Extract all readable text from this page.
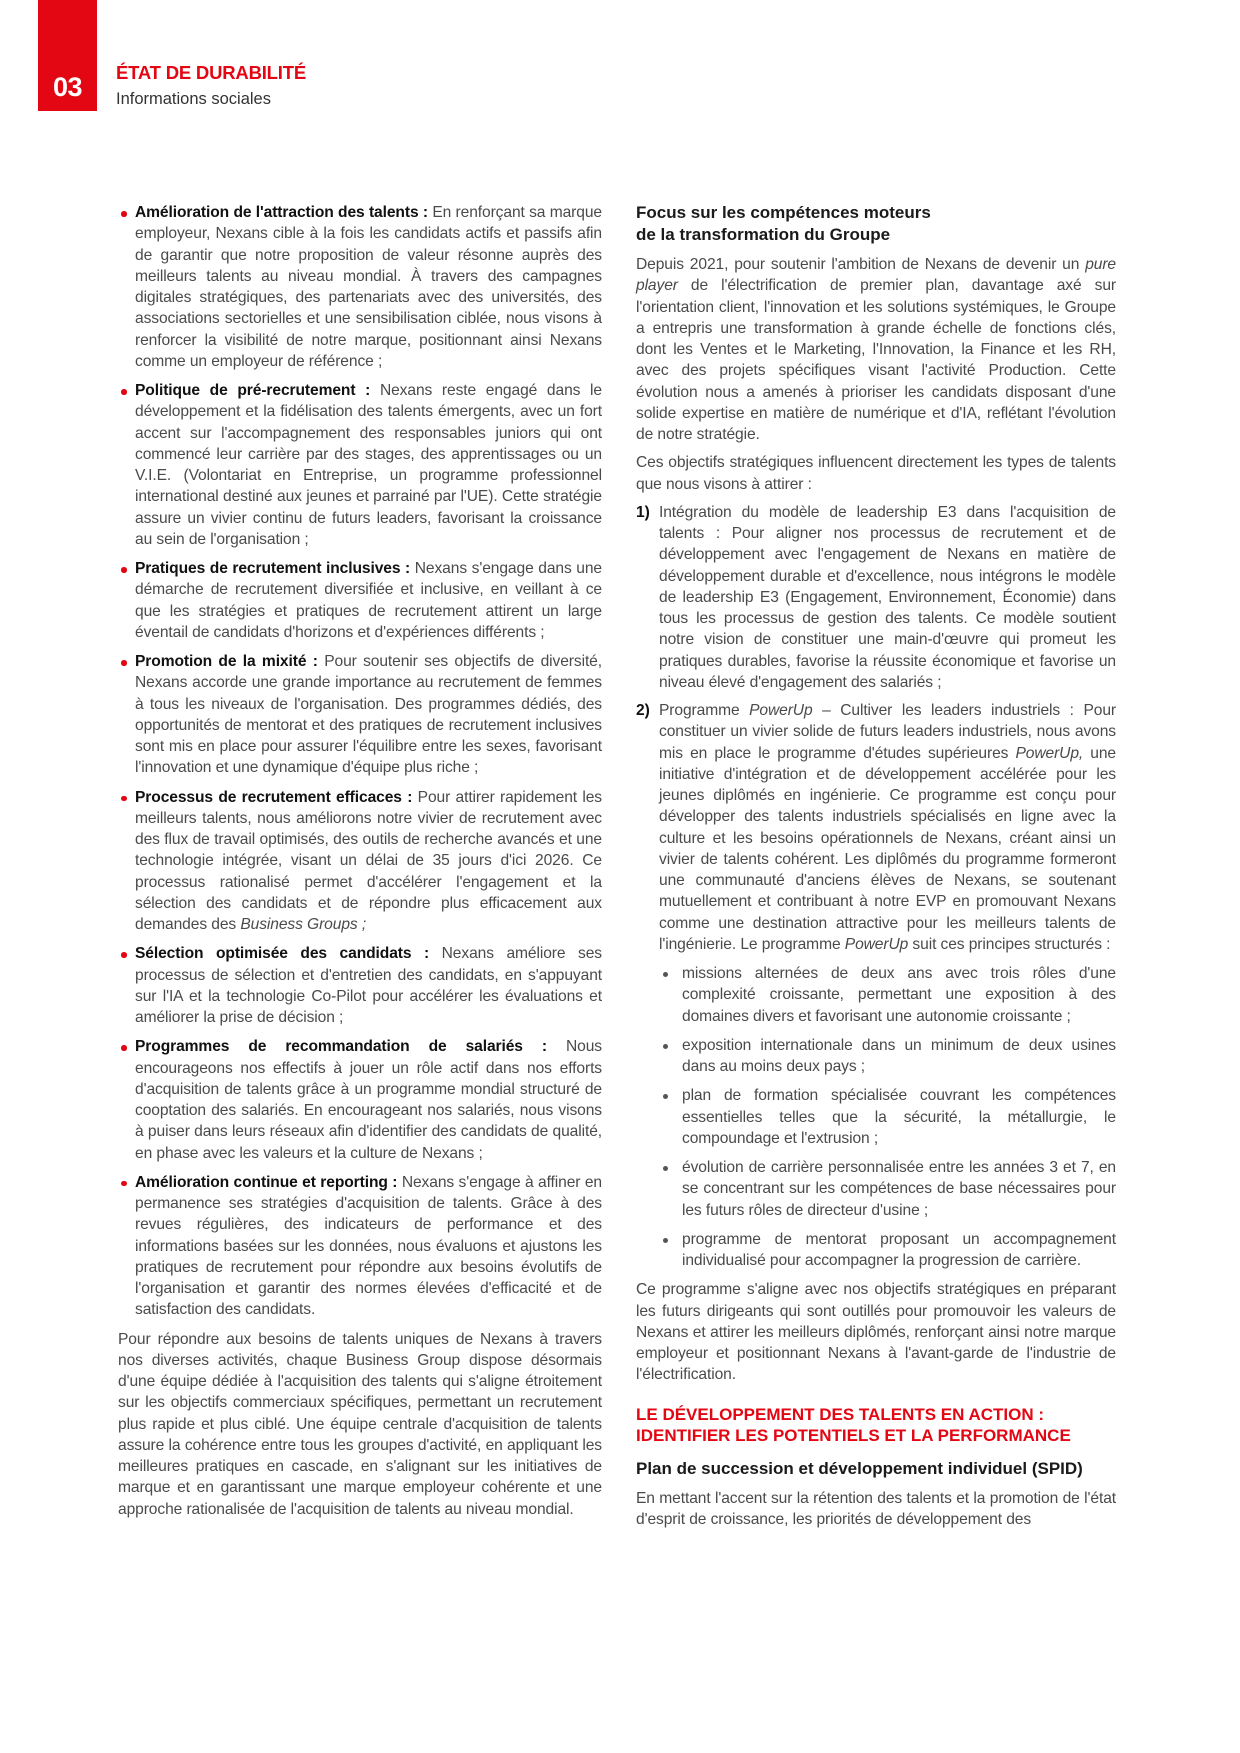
03	ÉTAT DE DURABILITÉ
Informations sociales
Amélioration de l'attraction des talents : En renforçant sa marque employeur, Nexans cible à la fois les candidats actifs et passifs afin de garantir que notre proposition de valeur résonne auprès des meilleurs talents au niveau mondial. À travers des campagnes digitales stratégiques, des partenariats avec des universités, des associations sectorielles et une sensibilisation ciblée, nous visons à renforcer la visibilité de notre marque, positionnant ainsi Nexans comme un employeur de référence ;
Politique de pré-recrutement : Nexans reste engagé dans le développement et la fidélisation des talents émergents, avec un fort accent sur l'accompagnement des responsables juniors qui ont commencé leur carrière par des stages, des apprentissages ou un V.I.E. (Volontariat en Entreprise, un programme professionnel international destiné aux jeunes et parrainé par l'UE). Cette stratégie assure un vivier continu de futurs leaders, favorisant la croissance au sein de l'organisation ;
Pratiques de recrutement inclusives : Nexans s'engage dans une démarche de recrutement diversifiée et inclusive, en veillant à ce que les stratégies et pratiques de recrutement attirent un large éventail de candidats d'horizons et d'expériences différents ;
Promotion de la mixité : Pour soutenir ses objectifs de diversité, Nexans accorde une grande importance au recrutement de femmes à tous les niveaux de l'organisation. Des programmes dédiés, des opportunités de mentorat et des pratiques de recrutement inclusives sont mis en place pour assurer l'équilibre entre les sexes, favorisant l'innovation et une dynamique d'équipe plus riche ;
Processus de recrutement efficaces : Pour attirer rapidement les meilleurs talents, nous améliorons notre vivier de recrutement avec des flux de travail optimisés, des outils de recherche avancés et une technologie intégrée, visant un délai de 35 jours d'ici 2026. Ce processus rationalisé permet d'accélérer l'engagement et la sélection des candidats et de répondre plus efficacement aux demandes des Business Groups ;
Sélection optimisée des candidats : Nexans améliore ses processus de sélection et d'entretien des candidats, en s'appuyant sur l'IA et la technologie Co-Pilot pour accélérer les évaluations et améliorer la prise de décision ;
Programmes de recommandation de salariés : Nous encourageons nos effectifs à jouer un rôle actif dans nos efforts d'acquisition de talents grâce à un programme mondial structuré de cooptation des salariés. En encourageant nos salariés, nous visons à puiser dans leurs réseaux afin d'identifier des candidats de qualité, en phase avec les valeurs et la culture de Nexans ;
Amélioration continue et reporting : Nexans s'engage à affiner en permanence ses stratégies d'acquisition de talents. Grâce à des revues régulières, des indicateurs de performance et des informations basées sur les données, nous évaluons et ajustons les pratiques de recrutement pour répondre aux besoins évolutifs de l'organisation et garantir des normes élevées d'efficacité et de satisfaction des candidats.

Pour répondre aux besoins de talents uniques de Nexans à travers nos diverses activités, chaque Business Group dispose désormais d'une équipe dédiée à l'acquisition des talents qui s'aligne étroitement sur les objectifs commerciaux spécifiques, permettant un recrutement plus rapide et plus ciblé. Une équipe centrale d'acquisition de talents assure la cohérence entre tous les groupes d'activité, en appliquant les meilleures pratiques en cascade, en s'alignant sur les initiatives de marque et en garantissant une marque employeur cohérente et une approche rationalisée de l'acquisition de talents au niveau mondial.

Focus sur les compétences moteurs
de la transformation du Groupe

Depuis 2021, pour soutenir l'ambition de Nexans de devenir un pure player de l'électrification de premier plan, davantage axé sur l'orientation client, l'innovation et les solutions systémiques, le Groupe a entrepris une transformation à grande échelle de fonctions clés, dont les Ventes et le Marketing, l'Innovation, la Finance et les RH, avec des projets spécifiques visant l'activité Production. Cette évolution nous a amenés à prioriser les candidats disposant d'une solide expertise en matière de numérique et d'IA, reflétant l'évolution de notre stratégie.

Ces objectifs stratégiques influencent directement les types de talents que nous visons à attirer :

1) Intégration du modèle de leadership E3 dans l'acquisition de talents : Pour aligner nos processus de recrutement et de développement avec l'engagement de Nexans en matière de développement durable et d'excellence, nous intégrons le modèle de leadership E3 (Engagement, Environnement, Économie) dans tous les processus de gestion des talents. Ce modèle soutient notre vision de constituer une main-d'œuvre qui promeut les pratiques durables, favorise la réussite économique et favorise un niveau élevé d'engagement des salariés ;
2) Programme PowerUp – Cultiver les leaders industriels : Pour constituer un vivier solide de futurs leaders industriels, nous avons mis en place le programme d'études supérieures PowerUp, une initiative d'intégration et de développement accélérée pour les jeunes diplômés en ingénierie. Ce programme est conçu pour développer des talents industriels spécialisés en ligne avec la culture et les besoins opérationnels de Nexans, créant ainsi un vivier de talents cohérent. Les diplômés du programme formeront une communauté d'anciens élèves de Nexans, se soutenant mutuellement et contribuant à notre EVP en promouvant Nexans comme une destination attractive pour les meilleurs talents de l'ingénierie. Le programme PowerUp suit ces principes structurés :
missions alternées de deux ans avec trois rôles d'une complexité croissante, permettant une exposition à des domaines divers et favorisant une autonomie croissante ;
exposition internationale dans un minimum de deux usines dans au moins deux pays ;
plan de formation spécialisée couvrant les compétences essentielles telles que la sécurité, la métallurgie, le compoundage et l'extrusion ;
évolution de carrière personnalisée entre les années 3 et 7, en se concentrant sur les compétences de base nécessaires pour les futurs rôles de directeur d'usine ;
programme de mentorat proposant un accompagnement individualisé pour accompagner la progression de carrière.

Ce programme s'aligne avec nos objectifs stratégiques en préparant les futurs dirigeants qui sont outillés pour promouvoir les valeurs de Nexans et attirer les meilleurs diplômés, renforçant ainsi notre marque employeur et positionnant Nexans à l'avant-garde de l'industrie de l'électrification.

LE DÉVELOPPEMENT DES TALENTS EN ACTION :
IDENTIFIER LES POTENTIELS ET LA PERFORMANCE
Plan de succession et développement individuel (SPID)

En mettant l'accent sur la rétention des talents et la promotion de l'état d'esprit de croissance, les priorités de développement des
